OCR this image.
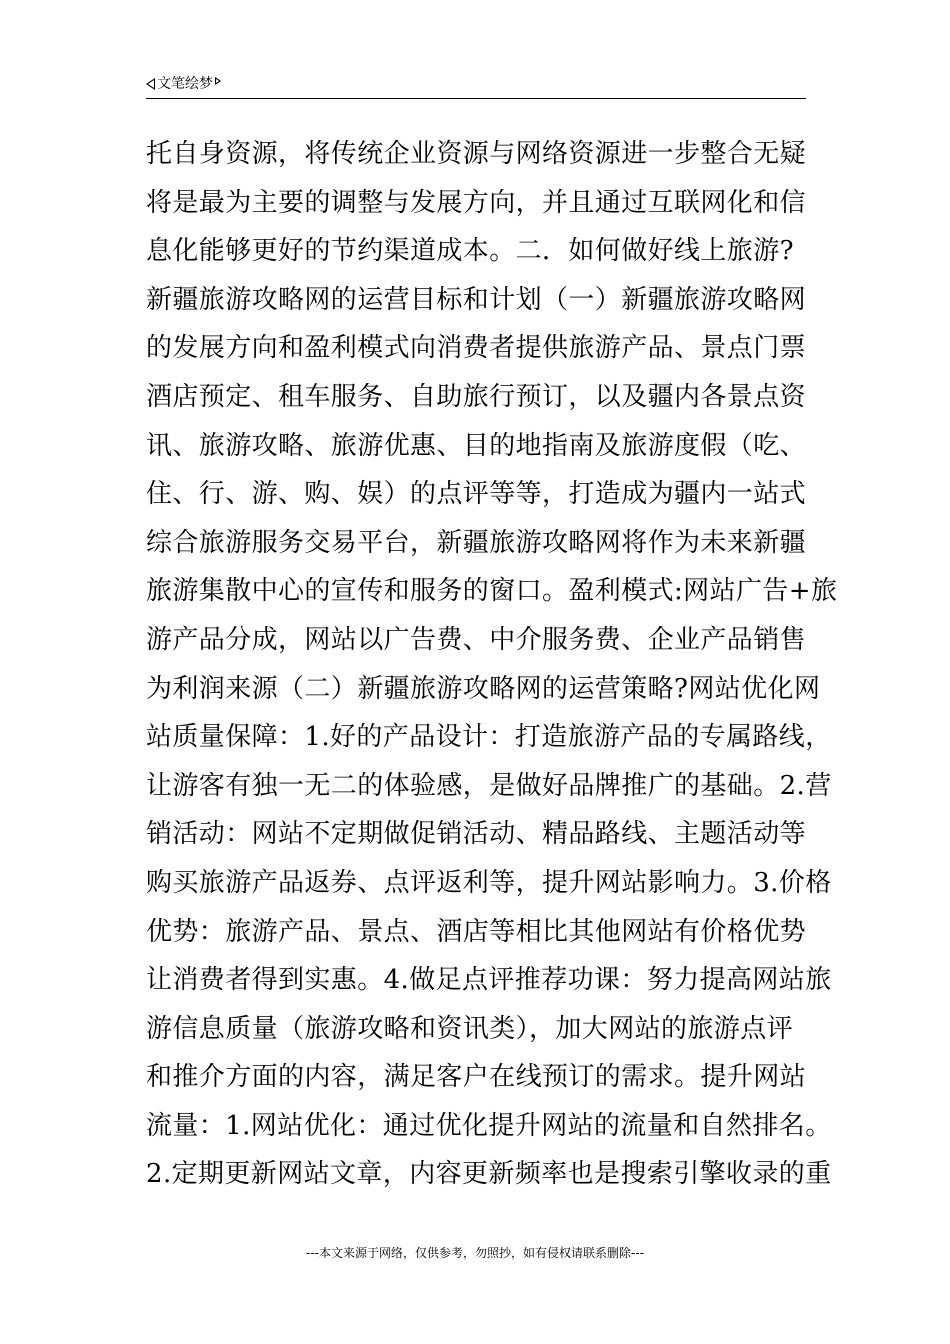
文笔绘梦
托自身资源，将传统企业资源与网络资源进一步整合无疑
将是最为主要的调整与发展方向，并且通过互联网化和信
息化能够更好的节约渠道成本。二．如何做好线上旅游?
新疆旅游攻略网的运营目标和计划（一）新疆旅游攻略网
的发展方向和盈利模式向消费者提供旅游产品、景点门票
酒店预定、租车服务、自助旅行预订，以及疆内各景点资
讯、旅游攻略、旅游优惠、目的地指南及旅游度假（吃、
住、行、游、购、娱）的点评等等，打造成为疆内一站式
综合旅游服务交易平台，新疆旅游攻略网将作为未来新疆
旅游集散中心的宣传和服务的窗口。盈利模式:网站广告+旅
游产品分成，网站以广告费、中介服务费、企业产品销售
为利润来源（二）新疆旅游攻略网的运营策略?网站优化网
站质量保障：1.好的产品设计：打造旅游产品的专属路线，
让游客有独一无二的体验感，是做好品牌推广的基础。2.营
销活动：网站不定期做促销活动、精品路线、主题活动等
购买旅游产品返券、点评返利等，提升网站影响力。3.价格
优势：旅游产品、景点、酒店等相比其他网站有价格优势
让消费者得到实惠。4.做足点评推荐功课：努力提高网站旅
游信息质量（旅游攻略和资讯类），加大网站的旅游点评
和推介方面的内容，满足客户在线预订的需求。提升网站
流量：1.网站优化：通过优化提升网站的流量和自然排名。
2.定期更新网站文章，内容更新频率也是搜索引擎收录的重
---本文来源于网络，仅供参考，勿照抄，如有侵权请联系删除---
